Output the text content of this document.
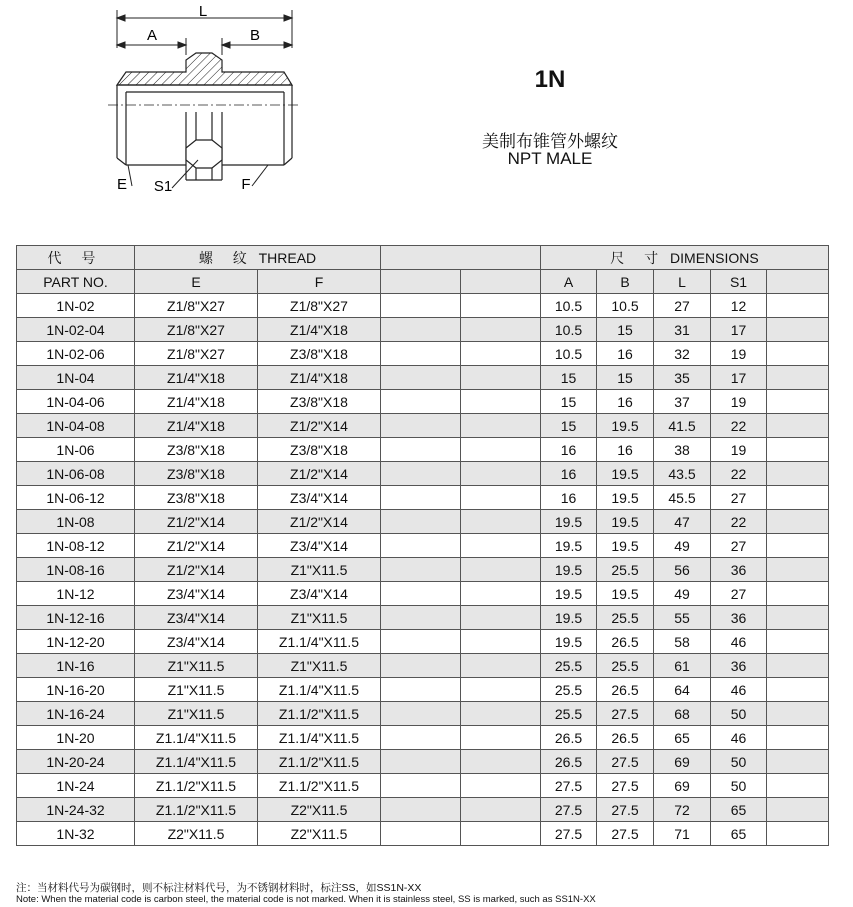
L
A	B
E S1	F
1N
美制布锥管外螺纹
NPT MALE
代 号	螺 纹 THREAD				尺 寸 DIMENSIONS				
PART NO.	E	F			A	B	L	S1	
1N-02	Z1/8"X27	Z1/8"X27			10.5	10.5	27	12	
1N-02-04	Z1/8"X27	Z1/4"X18			10.5	15	31	17	
1N-02-06	Z1/8"X27	Z3/8"X18			10.5	16	32	19	
1N-04	Z1/4"X18	Z1/4"X18			15	15	35	17	
1N-04-06	Z1/4"X18	Z3/8"X18			15	16	37	19	
1N-04-08	Z1/4"X18	Z1/2"X14			15	19.5	41.5	22	
1N-06	Z3/8"X18	Z3/8"X18			16	16	38	19	
1N-06-08	Z3/8"X18	Z1/2"X14			16	19.5	43.5	22	
1N-06-12	Z3/8"X18	Z3/4"X14			16	19.5	45.5	27	
1N-08	Z1/2"X14	Z1/2"X14			19.5	19.5	47	22	
1N-08-12	Z1/2"X14	Z3/4"X14			19.5	19.5	49	27	
1N-08-16	Z1/2"X14	Z1"X11.5			19.5	25.5	56	36	
1N-12	Z3/4"X14	Z3/4"X14			19.5	19.5	49	27	
1N-12-16	Z3/4"X14	Z1"X11.5			19.5	25.5	55	36	
1N-12-20	Z3/4"X14	Z1.1/4"X11.5			19.5	26.5	58	46	
1N-16	Z1"X11.5	Z1"X11.5			25.5	25.5	61	36	
1N-16-20	Z1"X11.5	Z1.1/4"X11.5			25.5	26.5	64	46	
1N-16-24	Z1"X11.5	Z1.1/2"X11.5			25.5	27.5	68	50	
1N-20	Z1.1/4"X11.5	Z1.1/4"X11.5			26.5	26.5	65	46	
1N-20-24	Z1.1/4"X11.5	Z1.1/2"X11.5			26.5	27.5	69	50	
1N-24	Z1.1/2"X11.5	Z1.1/2"X11.5			27.5	27.5	69	50	
1N-24-32	Z1.1/2"X11.5	Z2"X11.5			27.5	27.5	72	65	
1N-32	Z2"X11.5	Z2"X11.5			27.5	27.5	71	65	
注：当材料代号为碳钢时，则不标注材料代号，为不锈钢材料时，标注SS，如SS1N-XX
Note: When the material code is carbon steel, the material code is not marked. When it is stainless steel, SS is marked, such as SS1N-XX
